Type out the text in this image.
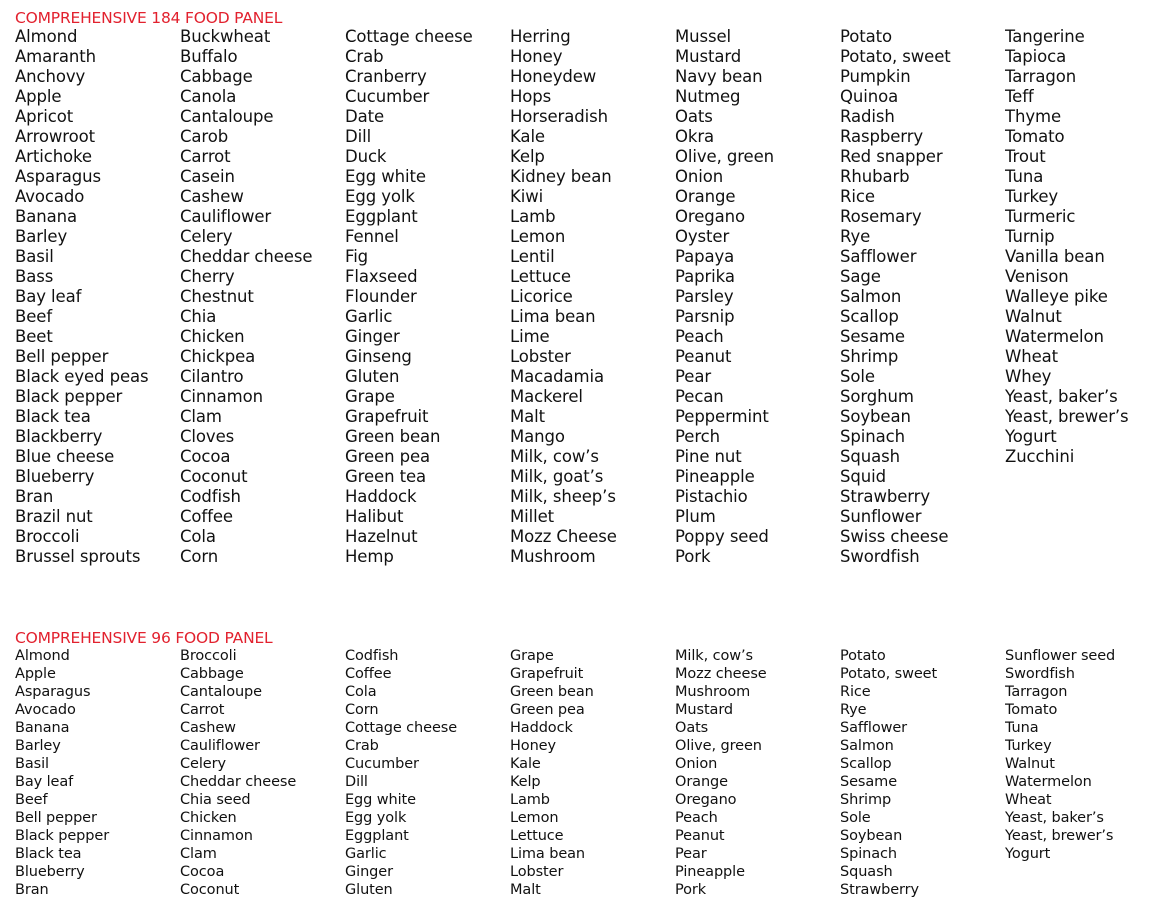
COMPREHENSIVE 184 FOOD PANEL
Almond
Amaranth
Anchovy
Apple
Apricot
Arrowroot
Artichoke
Asparagus
Avocado
Banana
Barley
Basil
Bass
Bay leaf
Beef
Beet
Bell pepper
Black eyed peas
Black pepper
Black tea
Blackberry
Blue cheese
Blueberry
Bran
Brazil nut
Broccoli
Brussel sprouts
Buckwheat
Buffalo
Cabbage
Canola
Cantaloupe
Carob
Carrot
Casein
Cashew
Cauliflower
Celery
Cheddar cheese
Cherry
Chestnut
Chia
Chicken
Chickpea
Cilantro
Cinnamon
Clam
Cloves
Cocoa
Coconut
Codfish
Coffee
Cola
Corn
Cottage cheese
Crab
Cranberry
Cucumber
Date
Dill
Duck
Egg white
Egg yolk
Eggplant
Fennel
Fig
Flaxseed
Flounder
Garlic
Ginger
Ginseng
Gluten
Grape
Grapefruit
Green bean
Green pea
Green tea
Haddock
Halibut
Hazelnut
Hemp
Herring
Honey
Honeydew
Hops
Horseradish
Kale
Kelp
Kidney bean
Kiwi
Lamb
Lemon
Lentil
Lettuce
Licorice
Lima bean
Lime
Lobster
Macadamia
Mackerel
Malt
Mango
Milk, cow’s
Milk, goat’s
Milk, sheep’s
Millet
Mozz Cheese
Mushroom
Mussel
Mustard
Navy bean
Nutmeg
Oats
Okra
Olive, green
Onion
Orange
Oregano
Oyster
Papaya
Paprika
Parsley
Parsnip
Peach
Peanut
Pear
Pecan
Peppermint
Perch
Pine nut
Pineapple
Pistachio
Plum
Poppy seed
Pork
Potato
Potato, sweet
Pumpkin
Quinoa
Radish
Raspberry
Red snapper
Rhubarb
Rice
Rosemary
Rye
Safflower
Sage
Salmon
Scallop
Sesame
Shrimp
Sole
Sorghum
Soybean
Spinach
Squash
Squid
Strawberry
Sunflower
Swiss cheese
Swordfish
Tangerine
Tapioca
Tarragon
Teff
Thyme
Tomato
Trout
Tuna
Turkey
Turmeric
Turnip
Vanilla bean
Venison
Walleye pike
Walnut
Watermelon
Wheat
Whey
Yeast, baker’s
Yeast, brewer’s
Yogurt
Zucchini
COMPREHENSIVE 96 FOOD PANEL
Almond
Apple
Asparagus
Avocado
Banana
Barley
Basil
Bay leaf
Beef
Bell pepper
Black pepper
Black tea
Blueberry
Bran
Broccoli
Cabbage
Cantaloupe
Carrot
Cashew
Cauliflower
Celery
Cheddar cheese
Chia seed
Chicken
Cinnamon
Clam
Cocoa
Coconut
Codfish
Coffee
Cola
Corn
Cottage cheese
Crab
Cucumber
Dill
Egg white
Egg yolk
Eggplant
Garlic
Ginger
Gluten
Grape
Grapefruit
Green bean
Green pea
Haddock
Honey
Kale
Kelp
Lamb
Lemon
Lettuce
Lima bean
Lobster
Malt
Milk, cow’s
Mozz cheese
Mushroom
Mustard
Oats
Olive, green
Onion
Orange
Oregano
Peach
Peanut
Pear
Pineapple
Pork
Potato
Potato, sweet
Rice
Rye
Safflower
Salmon
Scallop
Sesame
Shrimp
Sole
Soybean
Spinach
Squash
Strawberry
Sunflower seed
Swordfish
Tarragon
Tomato
Tuna
Turkey
Walnut
Watermelon
Wheat
Yeast, baker’s
Yeast, brewer’s
Yogurt
